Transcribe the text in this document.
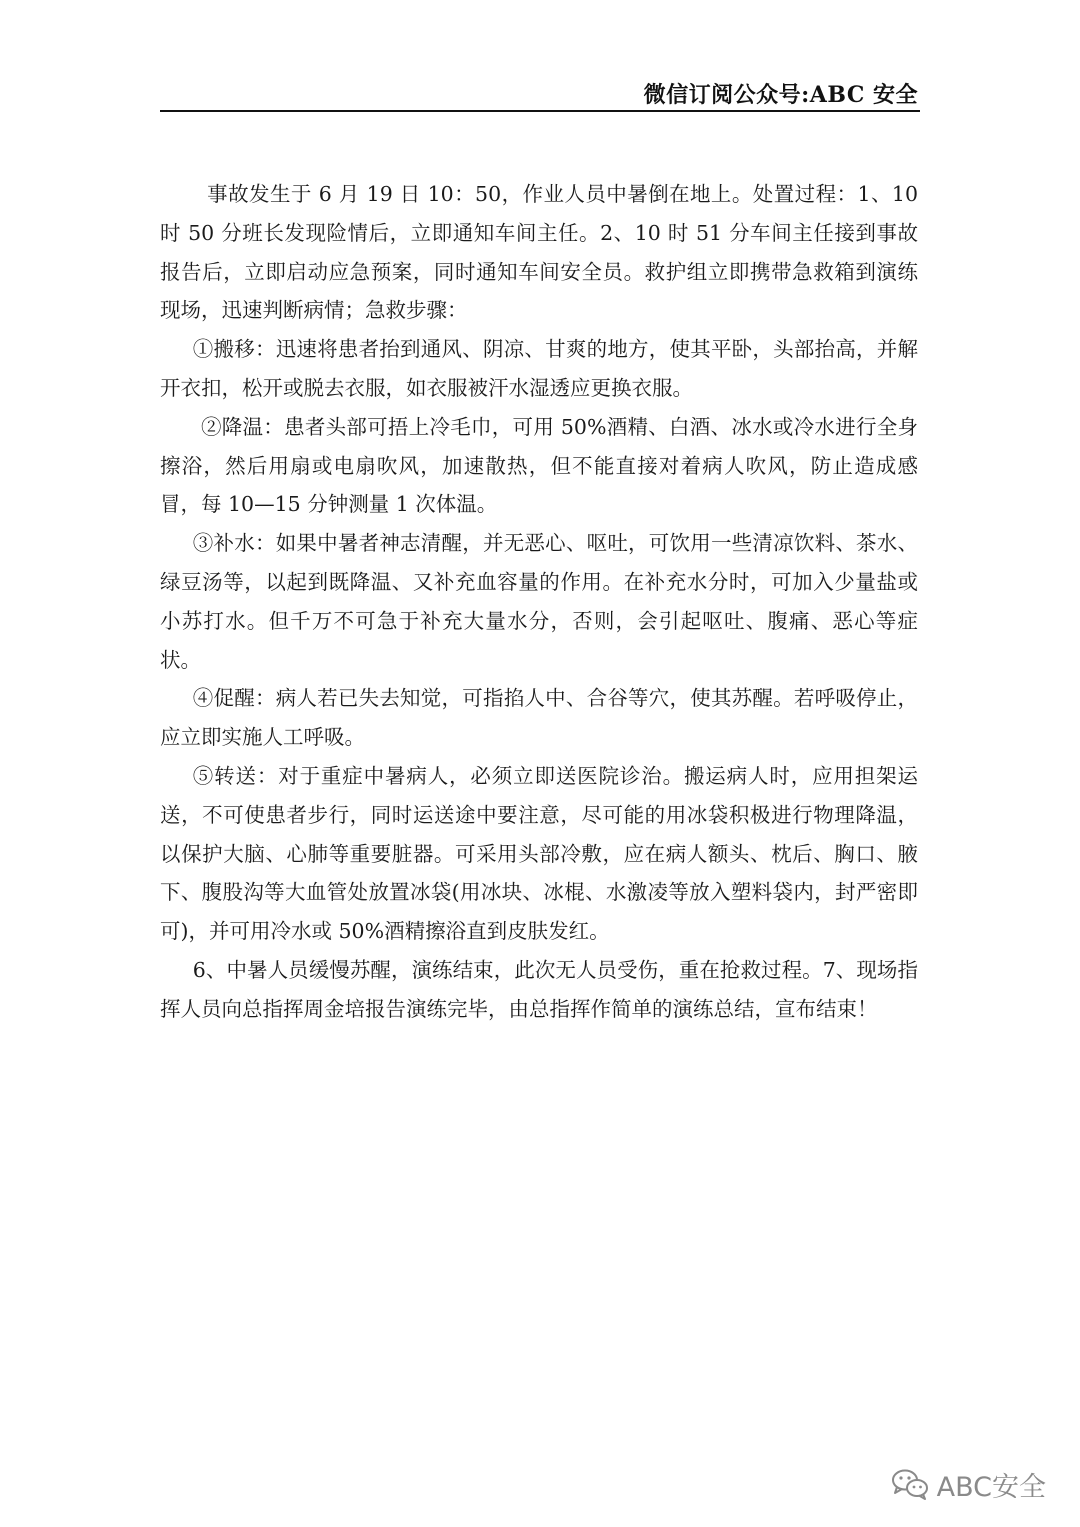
微信订阅公众号:ABC 安全

事故发生于 6 月 19 日 10：50，作业人员中暑倒在地上。处置过程：1、10 时 50 分班长发现险情后，立即通知车间主任。2、10 时 51 分车间主任接到事故报告后，立即启动应急预案，同时通知车间安全员。救护组立即携带急救箱到演练现场，迅速判断病情；急救步骤：

①搬移：迅速将患者抬到通风、阴凉、甘爽的地方，使其平卧，头部抬高，并解开衣扣，松开或脱去衣服，如衣服被汗水湿透应更换衣服。

②降温：患者头部可捂上冷毛巾，可用 50%酒精、白酒、冰水或冷水进行全身擦浴，然后用扇或电扇吹风，加速散热，但不能直接对着病人吹风，防止造成感冒，每 10—15 分钟测量 1 次体温。

③补水：如果中暑者神志清醒，并无恶心、呕吐，可饮用一些清凉饮料、茶水、绿豆汤等，以起到既降温、又补充血容量的作用。在补充水分时，可加入少量盐或小苏打水。但千万不可急于补充大量水分，否则，会引起呕吐、腹痛、恶心等症状。

④促醒：病人若已失去知觉，可指掐人中、合谷等穴，使其苏醒。若呼吸停止，应立即实施人工呼吸。

⑤转送：对于重症中暑病人，必须立即送医院诊治。搬运病人时，应用担架运送，不可使患者步行，同时运送途中要注意，尽可能的用冰袋积极进行物理降温，以保护大脑、心肺等重要脏器。可采用头部冷敷，应在病人额头、枕后、胸口、腋下、腹股沟等大血管处放置冰袋(用冰块、冰棍、水激凌等放入塑料袋内，封严密即可)，并可用冷水或 50%酒精擦浴直到皮肤发红。

6、中暑人员缓慢苏醒，演练结束，此次无人员受伤，重在抢救过程。7、现场指挥人员向总指挥周金培报告演练完毕，由总指挥作简单的演练总结，宣布结束！

ABC安全
